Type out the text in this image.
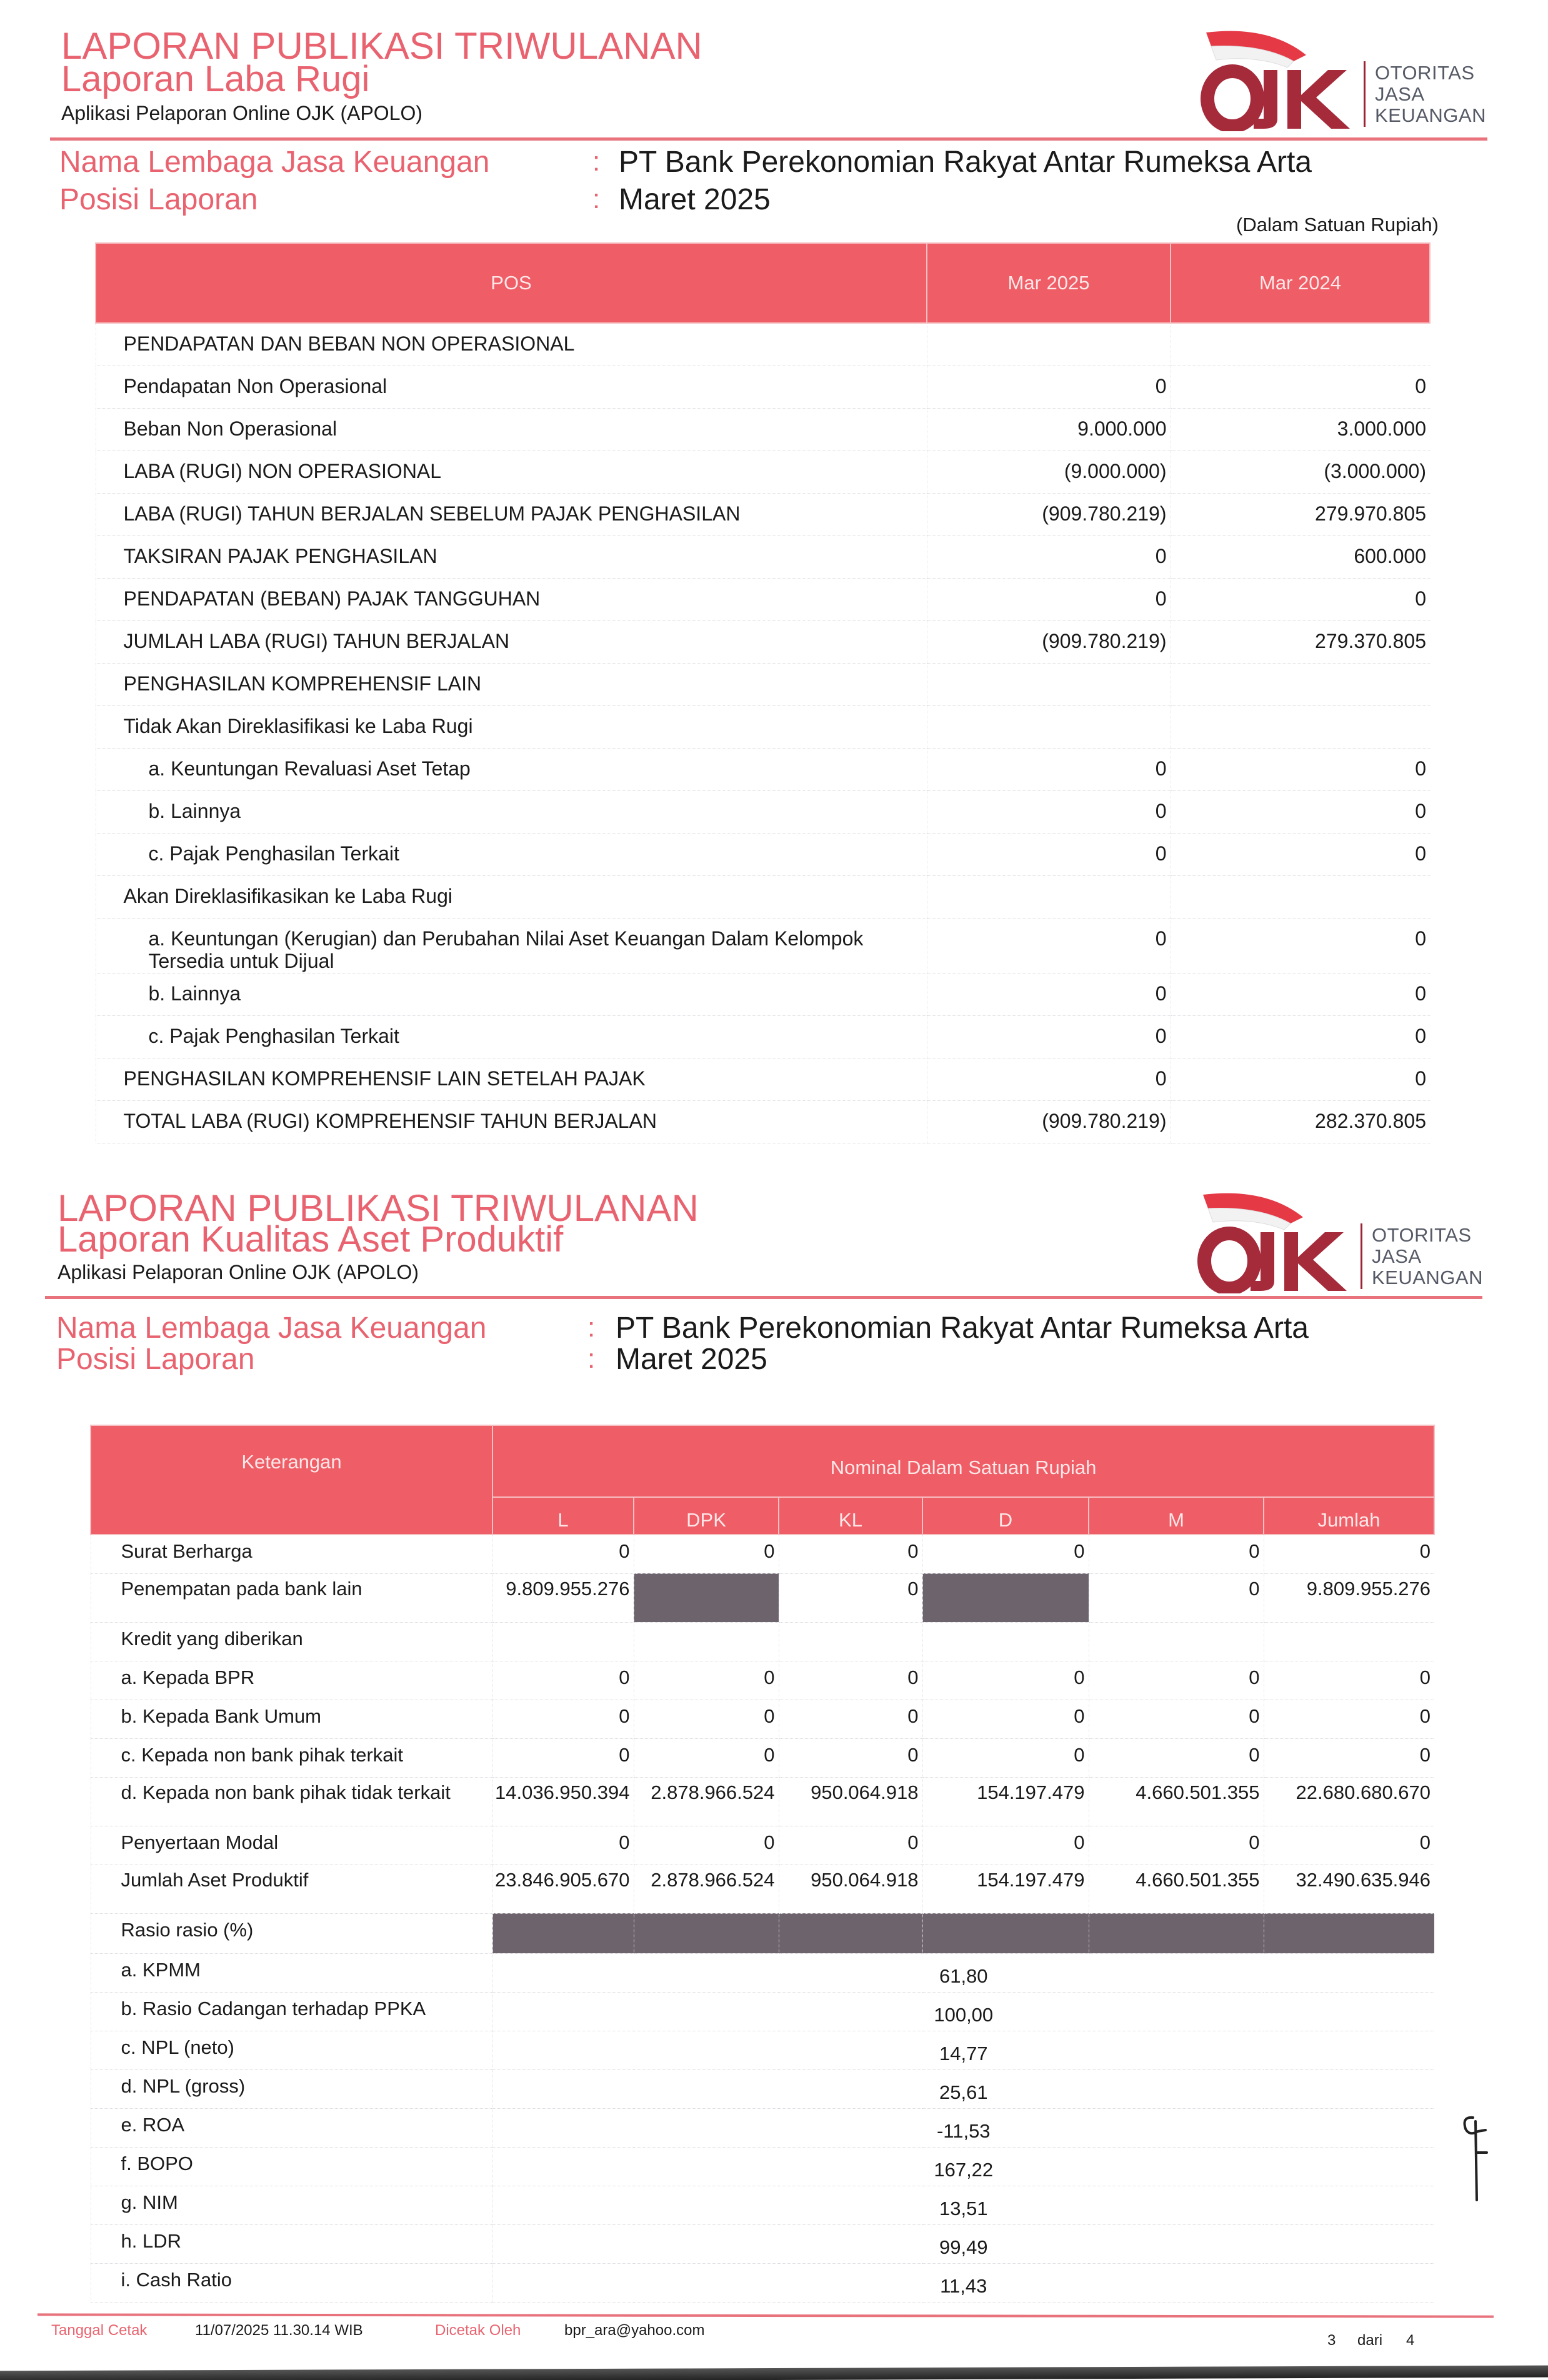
LAPORAN PUBLIKASI TRIWULANAN
Laporan Laba Rugi
Aplikasi Pelaporan Online OJK (APOLO)
OTORITAS
JASA
KEUANGAN
Nama Lembaga Jasa Keuangan	: PT Bank Perekonomian Rakyat Antar Rumeksa Arta
Posisi Laporan	: Maret 2025
(Dalam Satuan Rupiah)
POS	Mar 2025	Mar 2024
PENDAPATAN DAN BEBAN NON OPERASIONAL		
Pendapatan Non Operasional	0	0
Beban Non Operasional	9.000.000	3.000.000
LABA (RUGI) NON OPERASIONAL	(9.000.000)	(3.000.000)
LABA (RUGI) TAHUN BERJALAN SEBELUM PAJAK PENGHASILAN	(909.780.219)	279.970.805
TAKSIRAN PAJAK PENGHASILAN	0	600.000
PENDAPATAN (BEBAN) PAJAK TANGGUHAN	0	0
JUMLAH LABA (RUGI) TAHUN BERJALAN	(909.780.219)	279.370.805
PENGHASILAN KOMPREHENSIF LAIN		
Tidak Akan Direklasifikasi ke Laba Rugi		
a. Keuntungan Revaluasi Aset Tetap	0	0
b. Lainnya	0	0
c. Pajak Penghasilan Terkait	0	0
Akan Direklasifikasikan ke Laba Rugi		
a. Keuntungan (Kerugian) dan Perubahan Nilai Aset Keuangan Dalam Kelompok Tersedia untuk Dijual	0	0
b. Lainnya	0	0
c. Pajak Penghasilan Terkait	0	0
PENGHASILAN KOMPREHENSIF LAIN SETELAH PAJAK	0	0
TOTAL LABA (RUGI) KOMPREHENSIF TAHUN BERJALAN	(909.780.219)	282.370.805
LAPORAN PUBLIKASI TRIWULANAN
Laporan Kualitas Aset Produktif
Aplikasi Pelaporan Online OJK (APOLO)
OTORITAS
JASA
KEUANGAN
Nama Lembaga Jasa Keuangan	: PT Bank Perekonomian Rakyat Antar Rumeksa Arta
Posisi Laporan	: Maret 2025
Keterangan	Nominal Dalam Satuan Rupiah					
	L	DPK	KL	D	M	Jumlah
Surat Berharga	0	0	0	0	0	0
Penempatan pada bank lain	9.809.955.276		0		0	9.809.955.276
Kredit yang diberikan						
a. Kepada BPR	0	0	0	0	0	0
b. Kepada Bank Umum	0	0	0	0	0	0
c. Kepada non bank pihak terkait	0	0	0	0	0	0
d. Kepada non bank pihak tidak terkait	14.036.950.394	2.878.966.524	950.064.918	154.197.479	4.660.501.355	22.680.680.670
Penyertaan Modal	0	0	0	0	0	0
Jumlah Aset Produktif	23.846.905.670	2.878.966.524	950.064.918	154.197.479	4.660.501.355	32.490.635.946
Rasio rasio (%)						
a. KPMM	61,80					
b. Rasio Cadangan terhadap PPKA	100,00					
c. NPL (neto)	14,77					
d. NPL (gross)	25,61					
e. ROA	-11,53					
f. BOPO	167,22					
g. NIM	13,51					
h. LDR	99,49					
i. Cash Ratio	11,43					
Tanggal Cetak	11/07/2025 11.30.14 WIB	Dicetak Oleh	bpr_ara@yahoo.com
3 dari 4
